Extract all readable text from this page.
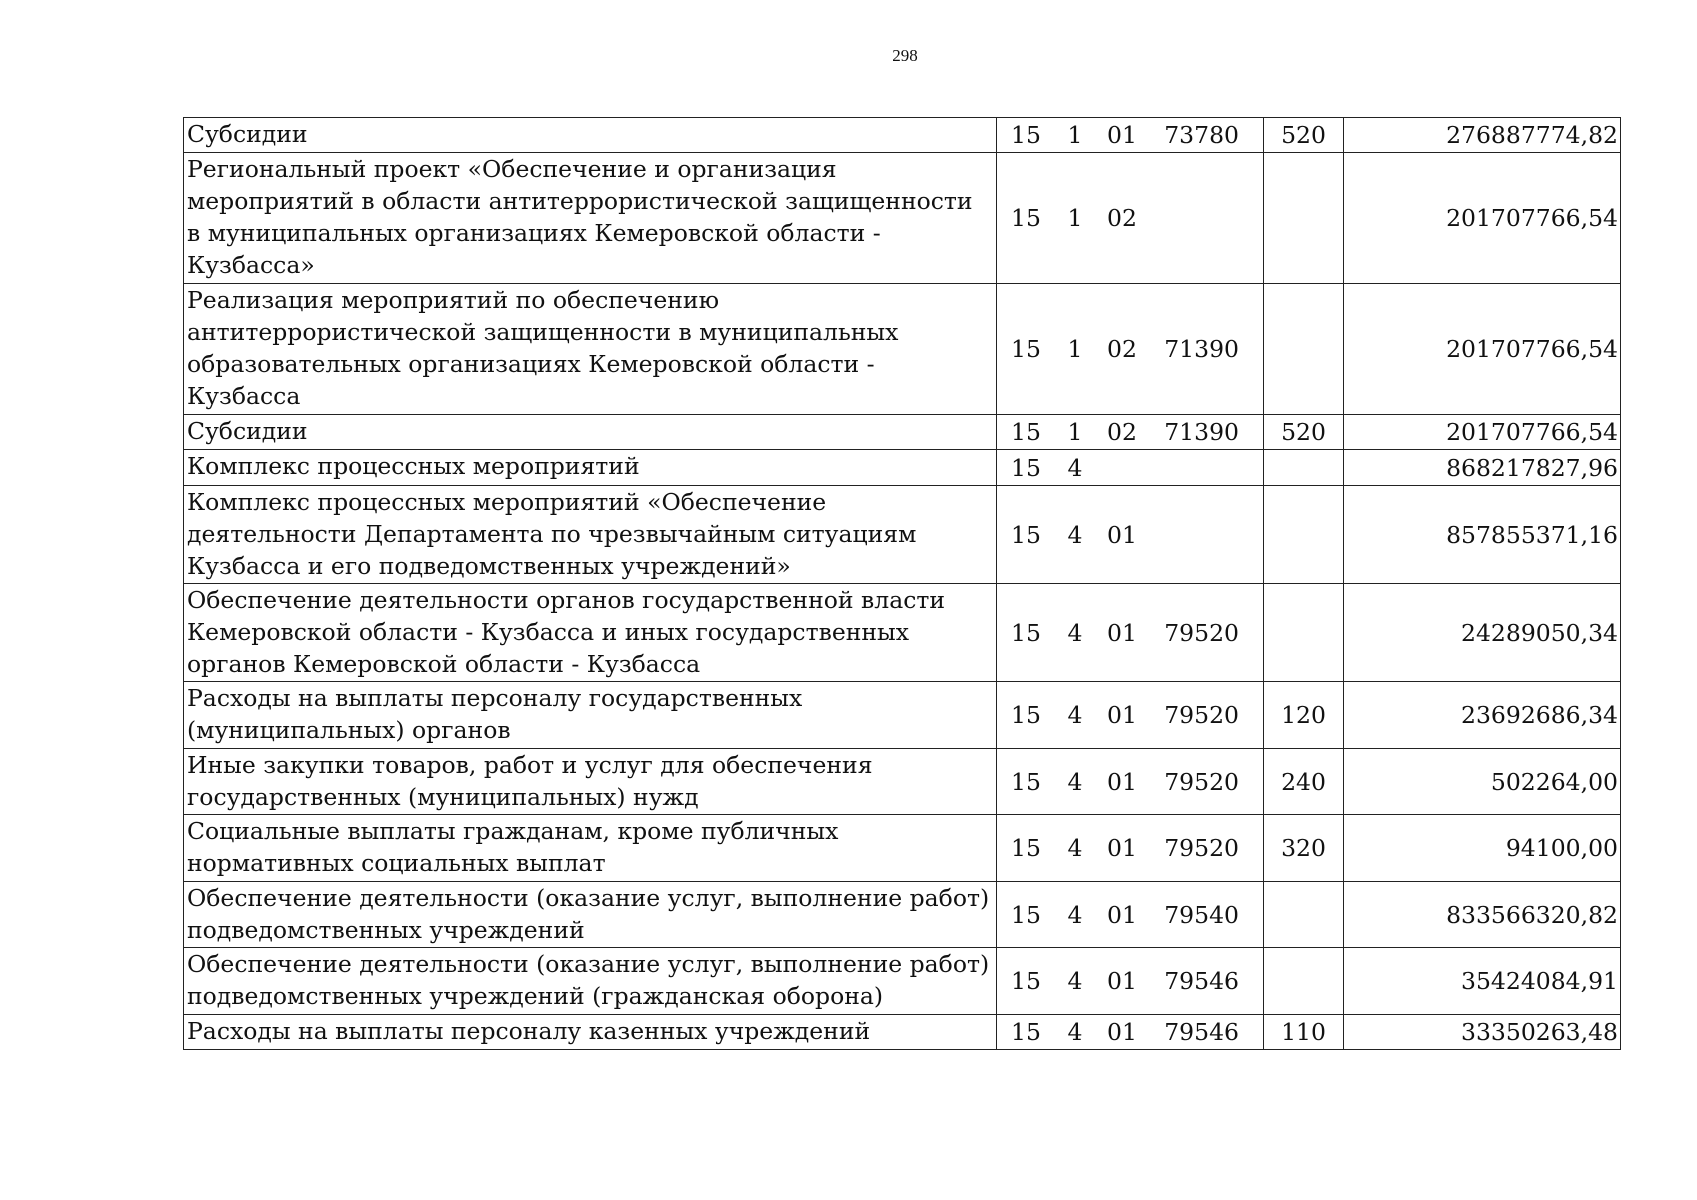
298
Субсидии	15 1 01 73780	520	276887774,82
Региональный проект «Обеспечение и организация мероприятий в области антитеррористической защищенности в муниципальных организациях Кемеровской области - Кузбасса»	15 1 02		201707766,54
Реализация мероприятий по обеспечению антитеррористической защищенности в муниципальных образовательных организациях Кемеровской области - Кузбасса	15 1 02 71390		201707766,54
Субсидии	15 1 02 71390	520	201707766,54
Комплекс процессных мероприятий	15 4		868217827,96
Комплекс процессных мероприятий «Обеспечение деятельности Департамента по чрезвычайным ситуациям Кузбасса и его подведомственных учреждений»	15 4 01		857855371,16
Обеспечение деятельности органов государственной власти Кемеровской области - Кузбасса и иных государственных органов Кемеровской области - Кузбасса	15 4 01 79520		24289050,34
Расходы на выплаты персоналу государственных (муниципальных) органов	15 4 01 79520	120	23692686,34
Иные закупки товаров, работ и услуг для обеспечения государственных (муниципальных) нужд	15 4 01 79520	240	502264,00
Социальные выплаты гражданам, кроме публичных нормативных социальных выплат	15 4 01 79520	320	94100,00
Обеспечение деятельности (оказание услуг, выполнение работ) подведомственных учреждений	15 4 01 79540		833566320,82
Обеспечение деятельности (оказание услуг, выполнение работ) подведомственных учреждений (гражданская оборона)	15 4 01 79546		35424084,91
Расходы на выплаты персоналу казенных учреждений	15 4 01 79546	110	33350263,48
